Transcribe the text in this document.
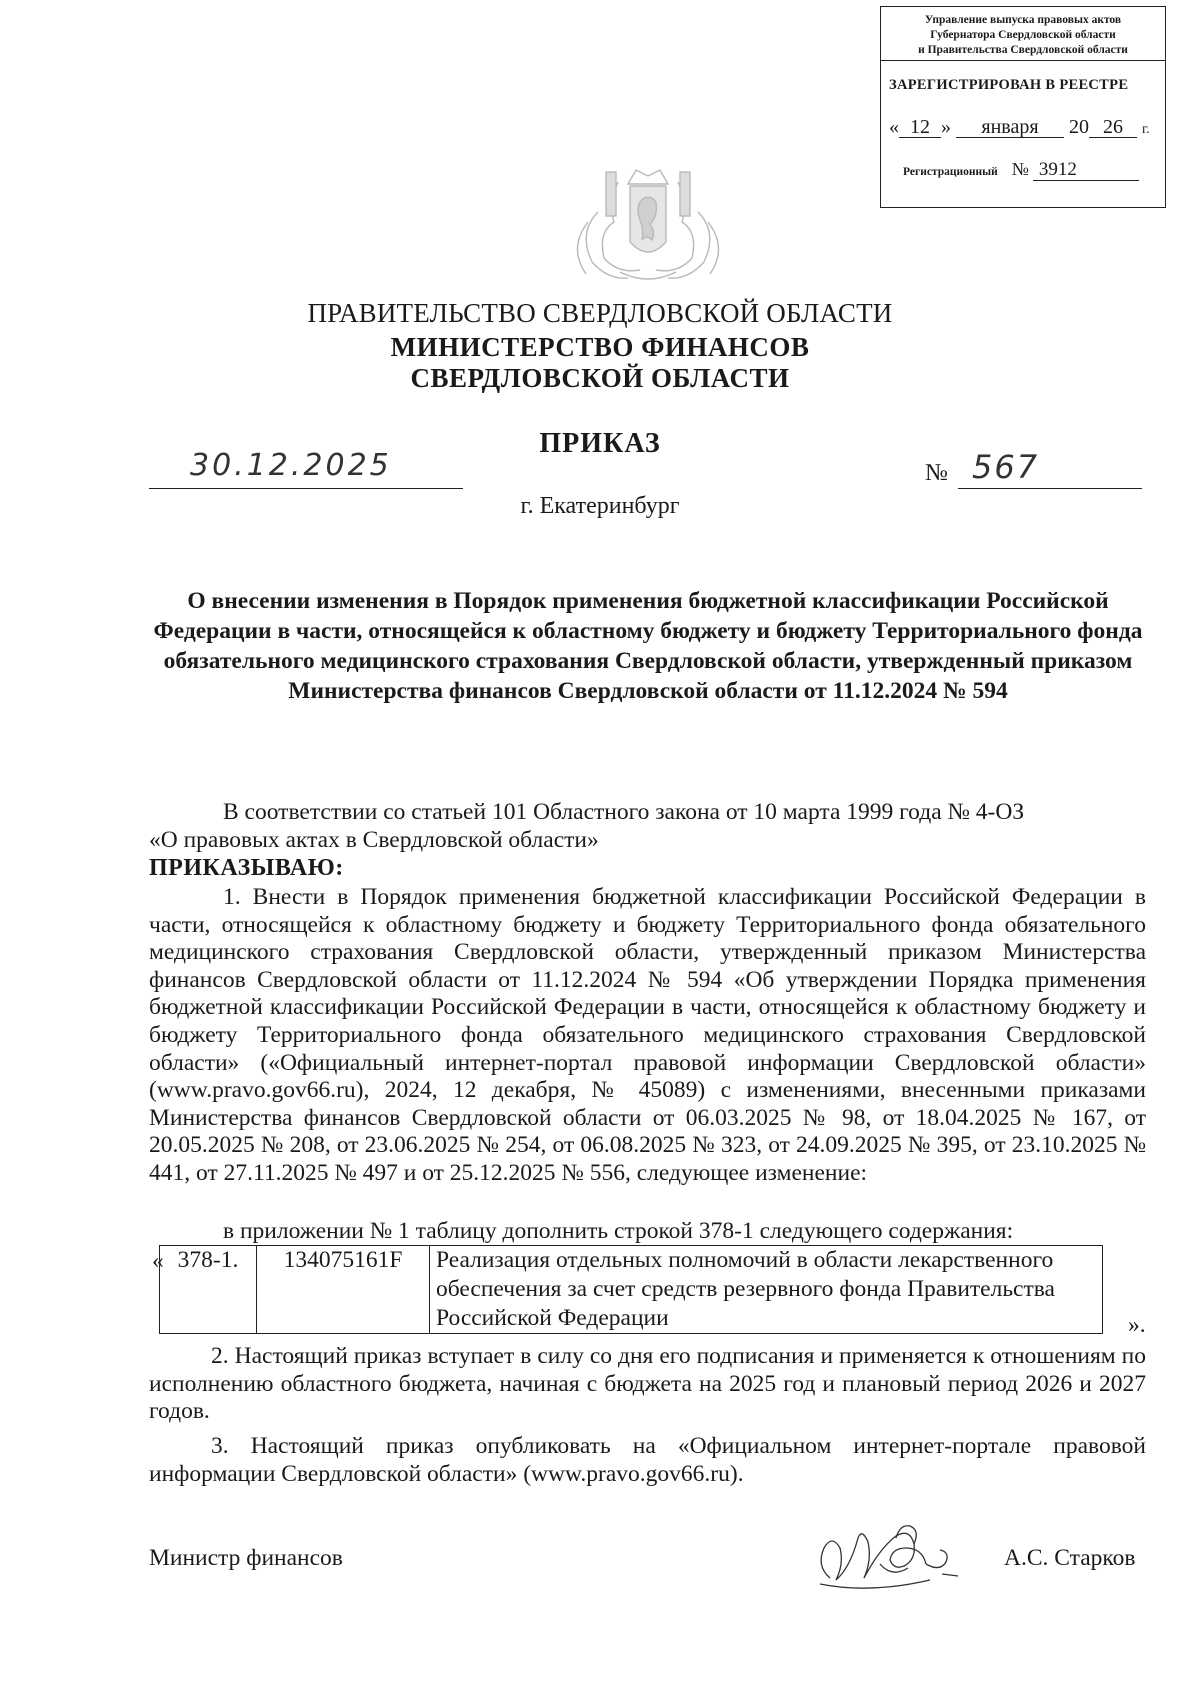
Управление выпуска правовых актов
Губернатора Свердловской области
и Правительства Свердловской области
ЗАРЕГИСТРИРОВАН В РЕЕСТРЕ
« 12 » января 20 26 г.
Регистрационный № 3912
ПРАВИТЕЛЬСТВО СВЕРДЛОВСКОЙ ОБЛАСТИ
МИНИСТЕРСТВО ФИНАНСОВ
СВЕРДЛОВСКОЙ ОБЛАСТИ
ПРИКАЗ
30.12.2025	№ 567
г. Екатеринбург
О внесении изменения в Порядок применения бюджетной классификации Российской Федерации в части, относящейся к областному бюджету и бюджету Территориального фонда обязательного медицинского страхования Свердловской области, утвержденный приказом Министерства финансов Свердловской области от 11.12.2024 № 594
В соответствии со статьей 101 Областного закона от 10 марта 1999 года № 4-ОЗ
«О правовых актах в Свердловской области»
ПРИКАЗЫВАЮ:
1. Внести в Порядок применения бюджетной классификации Российской Федерации в части, относящейся к областному бюджету и бюджету Территориального фонда обязательного медицинского страхования Свердловской области, утвержденный приказом Министерства финансов Свердловской области от 11.12.2024 № 594 «Об утверждении Порядка применения бюджетной классификации Российской Федерации в части, относящейся к областному бюджету и бюджету Территориального фонда обязательного медицинского страхования Свердловской области» («Официальный интернет-портал правовой информации Свердловской области» (www.pravo.gov66.ru), 2024, 12 декабря, № 45089) с изменениями, внесенными приказами Министерства финансов Свердловской области от 06.03.2025 № 98, от 18.04.2025 № 167, от 20.05.2025 № 208, от 23.06.2025 № 254, от 06.08.2025 № 323, от 24.09.2025 № 395, от 23.10.2025 № 441, от 27.11.2025 № 497 и от 25.12.2025 № 556, следующее изменение:
в приложении № 1 таблицу дополнить строкой 378-1 следующего содержания:
« 378-1.	134075161F	Реализация отдельных полномочий в области лекарственного обеспечения за счет средств резервного фонда Правительства Российской Федерации	».
2. Настоящий приказ вступает в силу со дня его подписания и применяется к отношениям по исполнению областного бюджета, начиная с бюджета на 2025 год и плановый период 2026 и 2027 годов.
3. Настоящий приказ опубликовать на «Официальном интернет-портале правовой информации Свердловской области» (www.pravo.gov66.ru).
Министр финансов	А.С. Старков
